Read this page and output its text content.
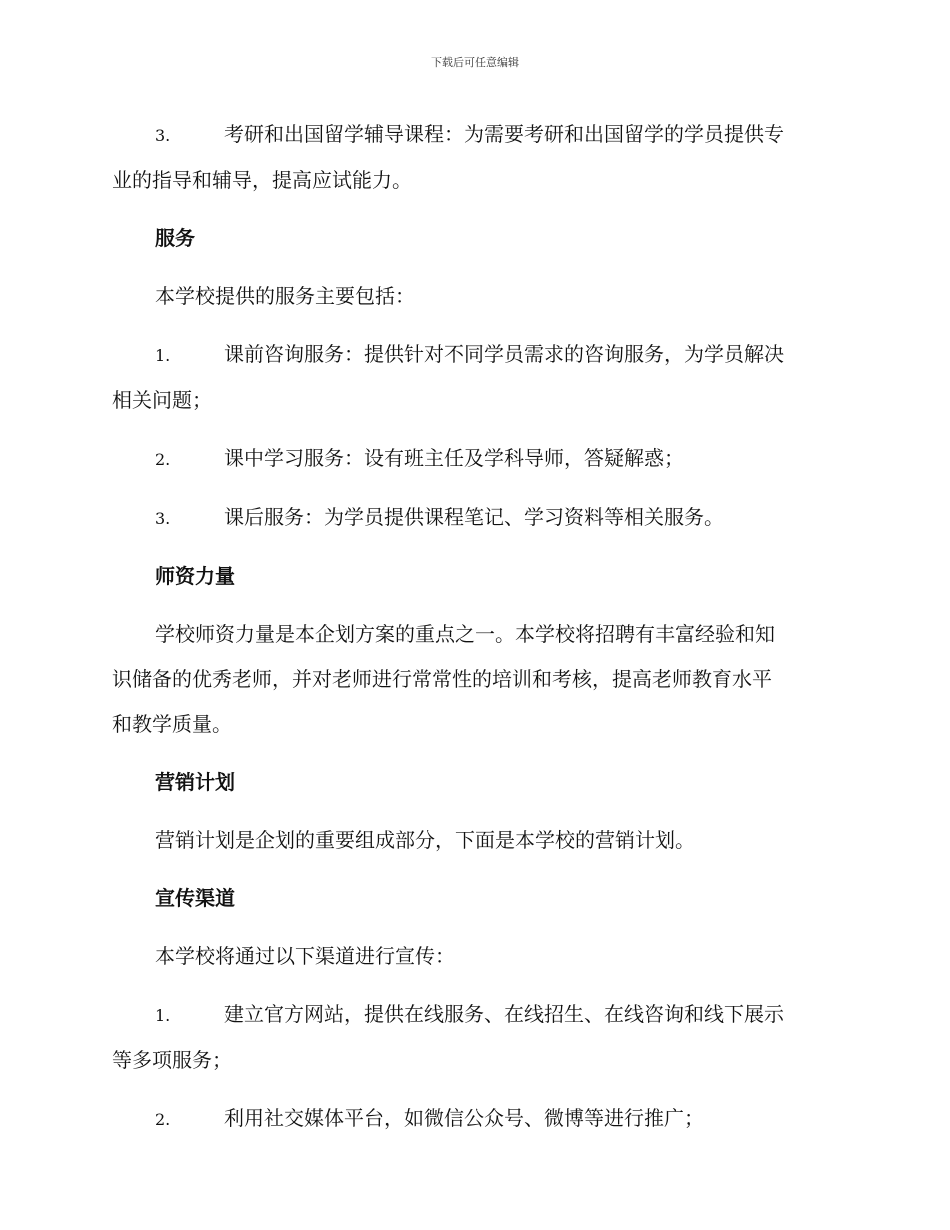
下载后可任意编辑

3.	考研和出国留学辅导课程：为需要考研和出国留学的学员提供专

业的指导和辅导，提高应试能力。

服务

本学校提供的服务主要包括：

1.	课前咨询服务：提供针对不同学员需求的咨询服务，为学员解决

相关问题；

2.	课中学习服务：设有班主任及学科导师，答疑解惑；

3.	课后服务：为学员提供课程笔记、学习资料等相关服务。

师资力量

学校师资力量是本企划方案的重点之一。本学校将招聘有丰富经验和知

识储备的优秀老师，并对老师进行常常性的培训和考核，提高老师教育水平

和教学质量。

营销计划

营销计划是企划的重要组成部分，下面是本学校的营销计划。

宣传渠道

本学校将通过以下渠道进行宣传：

1.	建立官方网站，提供在线服务、在线招生、在线咨询和线下展示

等多项服务；

2.	利用社交媒体平台，如微信公众号、微博等进行推广；
